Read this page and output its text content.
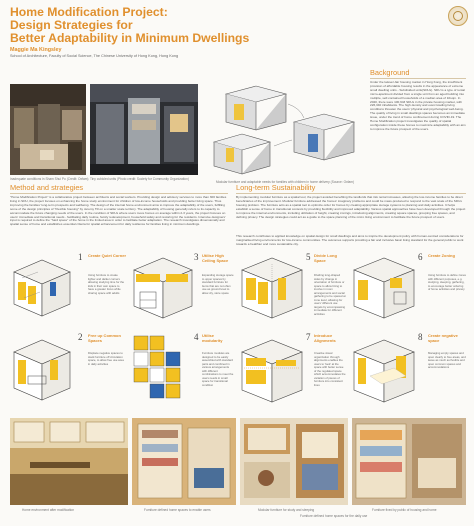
Home Modification Project:
Design Strategies for
Better Adaptability in Minimum Dwellings
Maggie Ma Kingsley
School of Architecture, Faculty of Social Science, The Chinese University of Hong Kong, Hong Kong
Inadequate conditions in Sham Shui Po (Credit: Oxfam) Tiny cubicled units (Photo credit: Society for Community Organization)
Modular furniture and adaptable needs for families with children in home delivery (Source: Oxfam)
Background
Under the laissez-fair housing market in Hong Kong, the insufficient provision of affordable housing results in the appearance of extreme small dwelling units - Subdivided units(SDUs). SDU is a type of rental micro-apartment divided from a single unit from an aged building into multiple, self-contained households of a median area of 10sqm. In 2020, there were 100,943 SDUs in the private housing market, with 226,340 inhabitants. The high density and overcrowding living conditions threaten the users' physical and psychological well-being. The quality of living in small dwellings spaces becomes an immediate issue, under the trend of home confinement during COVID-19. The Home Modification project investigates the quality of spatial configuration inside these homes to maximize adaptability with an aim to improve the future prospect of the users.
Method and strategies
"Home Modification Project" is a collaborative project between architects and social workers. Providing design and advisory services to more than 300 families living in SDU, the project focuses on enhancing the home study environment for children of low-income households and providing better living space. Thus improving the families' long-term prospects and wellbeing. The design of the internal home environment aims to improve the adaptability of the users, fulfilling some of the design principles of "Flexible housing" by Jeremy Till on a smaller scale territory. The adaptability of housing generally refers to its capacity to accommodate the future changing needs of the users. In the condition of SDUs where users move homes on average within 2-3 years, the project focuses on users' immediate and transitional needs - facilitating daily routine, family redevelopment, household safety and restoring for the residents. Intensive designers' input is required to define the "hard space" of the home in the limited area in order to facilitate better adaptation. The research investigates dimensionally and spatial sense of home and establishes essential criteria for spatial enhancement for daily resilience for families living in minimum dwellings.
Long-term Sustainability
By implementing modular furniture as a spatial tool, the project avoided benefiting the landlords that risk rental increases, allowing the low-income families to be direct beneficiaries of the improvement. Modular furniture addressed the homes' imaginary problems and could be mass-produced to respond to the vast scale of the SDUs housing problem. The furniture acts as a spatial tool to optimize order for homes by creating appropriate storage systems to planning and daily activities. It helps establish a sense of home in transitional contexts by providing flexibility and improved adaptability. Various spatial approaches have been developed through the project to improve the internal environments, including utilization of height, creating zonings, introducing alignments, creating square spaces, grouping free spaces, and defining privacy. The design strategies could act as a guide to the space planning of the micro living environment to facilitate the future prospect of users.
This research contributes to applied knowledge on spatial design for small dwellings and aims to inspire the development policy with human-centred considerations for marginalised living environments for low-income communities. The outcomes supports providing a fair and inclusive basic living standard for the general public to work towards a healthier and more sustainable city.
1 Create Quiet Corner
Using furniture to create lighter and darker corners allowing studying time for the kids in their own space to have a greater focus while sharing space with adults
3 Utilise High Ceiling Space
Expanding storage space to upper spaces by standard furniture for items that are not often use as ground level to allow dry, store space
5 Divide Long Space
Dividing long-shaped sides by change in orientation of furniture or space to allow lining to involve in room arrangements and social gathering to be spaced at zone level, allowing for users' different use targets by encompassing immediate for different activities
6 Create Zoning
Using furniture to define zones with different purposes, e.g. studying, sleeping, gathering, to encourage better ordering of home activities and privacy
2 Free up Common Spaces
Displace negative spaces to stack furniture off circulation space, to allow free use area in daily activities
4 Utilise modularity
Furniture modules are designed to be easily assembled with standard parts and combined in various arrangements with different combinations to meet the users needs in small space for transitional condition
7 Introduce Alignments
Creative visual organization through alignments enables the users to 'look' at the space with better sense of the regulated space which accommodates the variation of pieces of furniture into consistent lines
8 Create negative space
Managing empty spaces and open clearly to free areas, and leave as much as flexible and open common spaces and accommodations
Home environment after modification	Furniture defined home spaces to enable users	Modular furniture for study and sleeping
Furniture defined home spaces for the daily use
Furniture fixed by public of housing and home
